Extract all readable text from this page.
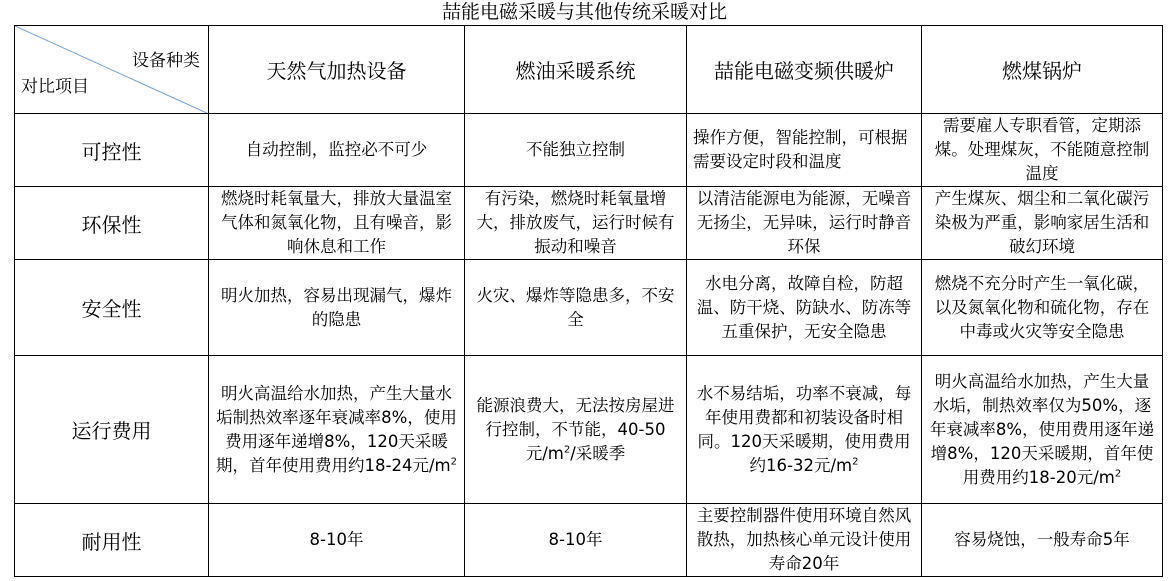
喆能电磁采暖与其他传统采暖对比
设备种类
对比项目	天然气加热设备	燃油采暖系统	喆能电磁变频供暖炉	燃煤锅炉
可控性	自动控制，监控必不可少	不能独立控制	操作方便，智能控制，可根据需要设定时段和温度	需要雇人专职看管，定期添煤。处理煤灰，不能随意控制温度
环保性	燃烧时耗氧量大，排放大量温室气体和氮氧化物，且有噪音，影响休息和工作	有污染，燃烧时耗氧量增大，排放废气，运行时候有振动和噪音	以清洁能源电为能源，无噪音无扬尘，无异味，运行时静音环保	产生煤灰、烟尘和二氧化碳污染极为严重，影响家居生活和破幻环境
安全性	明火加热，容易出现漏气，爆炸的隐患	火灾、爆炸等隐患多，不安全	水电分离，故障自检，防超温、防干烧、防缺水、防冻等五重保护，无安全隐患	燃烧不充分时产生一氧化碳，以及氮氧化物和硫化物，存在中毒或火灾等安全隐患
运行费用	明火高温给水加热，产生大量水垢制热效率逐年衰减率8%，使用费用逐年递增8%，120天采暖期，首年使用费用约18-24元$/m^2$	能源浪费大，无法按房屋进行控制，不节能，40-50元$/m^2/$采暖季	水不易结垢，功率不衰减，每年使用费都和初装设备时相同。120天采暖期，使用费用约16-32元$/m^2$	明火高温给水加热，产生大量水垢，制热效率仅为50%，逐年衰减率8%，使用费用逐年递增8%，120天采暖期，首年使用费用约18-20元$/m^2$
耐用性	8-10年	8-10年	主要控制器件使用环境自然风散热，加热核心单元设计使用寿命20年	容易烧蚀，一般寿命5年
